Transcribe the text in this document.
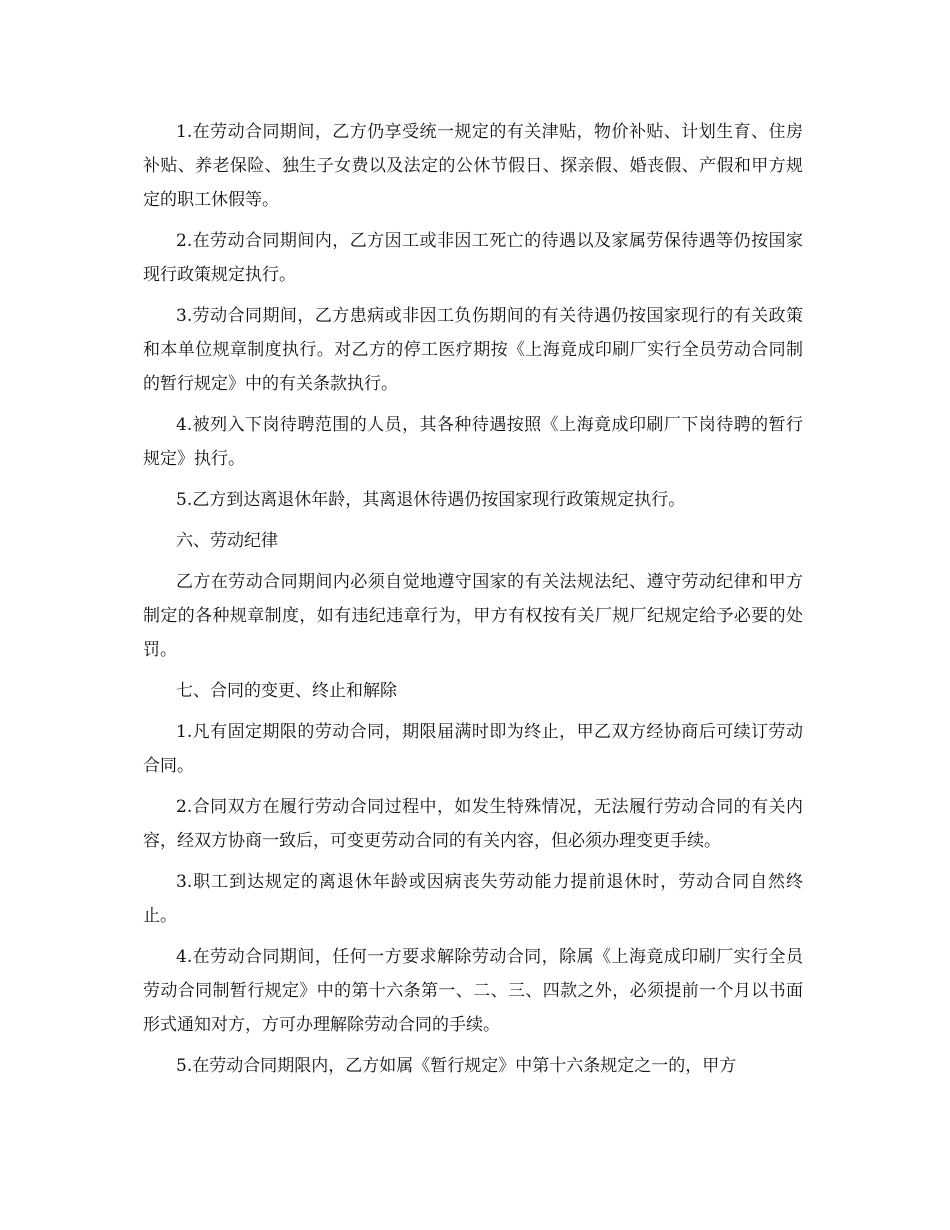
1.在劳动合同期间，乙方仍享受统一规定的有关津贴，物价补贴、计划生育、住房补贴、养老保险、独生子女费以及法定的公休节假日、探亲假、婚丧假、产假和甲方规定的职工休假等。

2.在劳动合同期间内，乙方因工或非因工死亡的待遇以及家属劳保待遇等仍按国家现行政策规定执行。

3.劳动合同期间，乙方患病或非因工负伤期间的有关待遇仍按国家现行的有关政策和本单位规章制度执行。对乙方的停工医疗期按《上海竟成印刷厂实行全员劳动合同制的暂行规定》中的有关条款执行。

4.被列入下岗待聘范围的人员，其各种待遇按照《上海竟成印刷厂下岗待聘的暂行规定》执行。

5.乙方到达离退休年龄，其离退休待遇仍按国家现行政策规定执行。

六、劳动纪律

乙方在劳动合同期间内必须自觉地遵守国家的有关法规法纪、遵守劳动纪律和甲方制定的各种规章制度，如有违纪违章行为，甲方有权按有关厂规厂纪规定给予必要的处罚。

七、合同的变更、终止和解除

1.凡有固定期限的劳动合同，期限届满时即为终止，甲乙双方经协商后可续订劳动合同。

2.合同双方在履行劳动合同过程中，如发生特殊情况，无法履行劳动合同的有关内容，经双方协商一致后，可变更劳动合同的有关内容，但必须办理变更手续。

3.职工到达规定的离退休年龄或因病丧失劳动能力提前退休时，劳动合同自然终止。

4.在劳动合同期间，任何一方要求解除劳动合同，除属《上海竟成印刷厂实行全员劳动合同制暂行规定》中的第十六条第一、二、三、四款之外，必须提前一个月以书面形式通知对方，方可办理解除劳动合同的手续。

5.在劳动合同期限内，乙方如属《暂行规定》中第十六条规定之一的，甲方
